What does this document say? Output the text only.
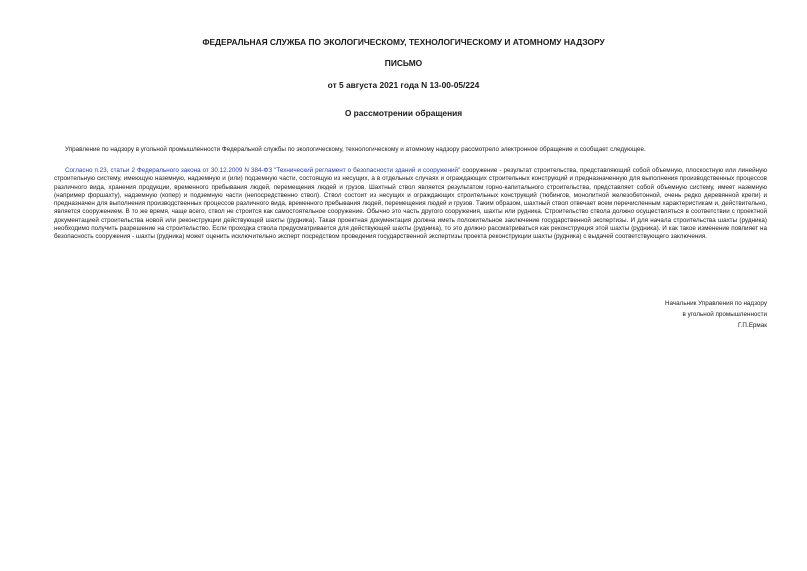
ФЕДЕРАЛЬНАЯ СЛУЖБА ПО ЭКОЛОГИЧЕСКОМУ, ТЕХНОЛОГИЧЕСКОМУ И АТОМНОМУ НАДЗОРУ
ПИСЬМО
от 5 августа 2021 года N 13-00-05/224
О рассмотрении обращения

Управление по надзору в угольной промышленности Федеральной службы по экологическому, технологическому и атомному надзору рассмотрело электронное обращение и сообщает следующее.

Согласно п.23, статьи 2 Федерального закона от 30.12.2009 N 384-ФЗ "Технический регламент о безопасности зданий и сооружений" сооружение - результат строительства, представляющий собой объемную, плоскостную или линейную строительную систему, имеющую наземную, надземную и (или) подземную части, состоящую из несущих, а в отдельных случаях и ограждающих строительных конструкций и предназначенную для выполнения производственных процессов различного вида, хранения продукции, временного пребывания людей, перемещения людей и грузов. Шахтный ствол является результатом горно-капитального строительства, представляет собой объемную систему, имеет наземную (например форшахту), надземную (копер) и подземную части (непосредственно ствол). Ствол состоит из несущих и ограждающих строительных конструкций (тюбингов, монолитной железобетонной, очень редко деревянной крепи) и предназначен для выполнения производственных процессов различного вида, временного пребывания людей, перемещения людей и грузов. Таким образом, шахтный ствол отвечает всем перечисленным характеристикам и, действительно, является сооружением. В то же время, чаще всего, ствол не строится как самостоятельное сооружение. Обычно это часть другого сооружения, шахты или рудника. Строительство ствола должно осуществляться в соответствии с проектной документацией строительства новой или реконструкции действующей шахты (рудника). Такая проектная документация должна иметь положительное заключение государственной экспертизы. И для начала строительства шахты (рудника) необходимо получить разрешение на строительство. Если проходка ствола предусматривается для действующей шахты (рудника), то это должно рассматриваться как реконструкция этой шахты (рудника). И как такое изменение повлияет на безопасность сооружения - шахты (рудника) может оценить исключительно эксперт посредством проведения государственной экспертизы проекта реконструкции шахты (рудника) с выдачей соответствующего заключения.

Начальник Управления по надзору
в угольной промышленности
Г.П.Ермак
